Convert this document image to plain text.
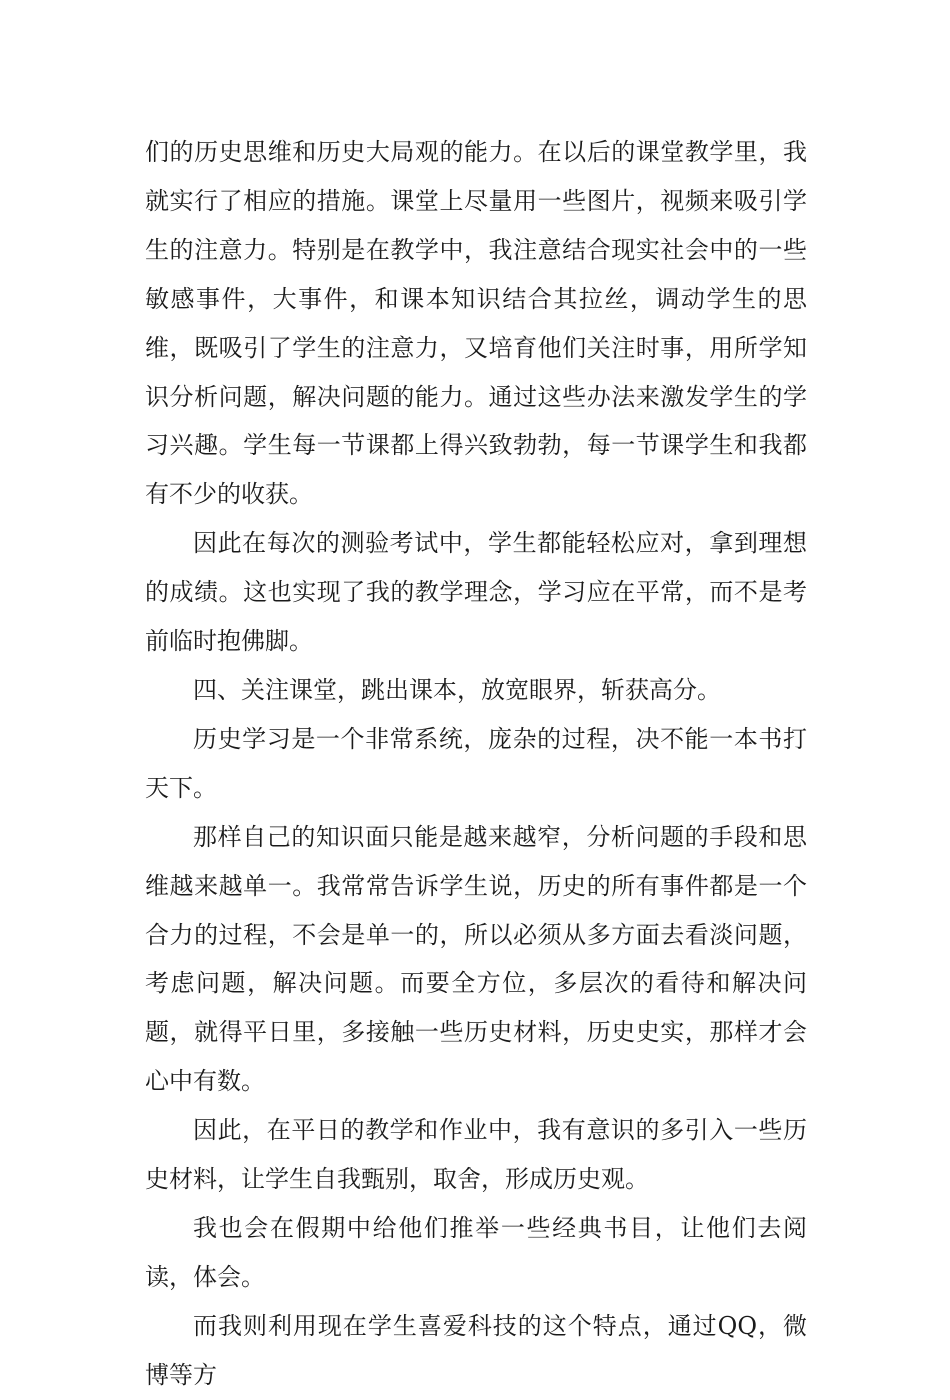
们的历史思维和历史大局观的能力。在以后的课堂教学里，我就实行了相应的措施。课堂上尽量用一些图片，视频来吸引学生的注意力。特别是在教学中，我注意结合现实社会中的一些敏感事件，大事件，和课本知识结合其拉丝，调动学生的思维，既吸引了学生的注意力，又培育他们关注时事，用所学知识分析问题，解决问题的能力。通过这些办法来激发学生的学习兴趣。学生每一节课都上得兴致勃勃，每一节课学生和我都有不少的收获。

因此在每次的测验考试中，学生都能轻松应对，拿到理想的成绩。这也实现了我的教学理念，学习应在平常，而不是考前临时抱佛脚。

四、关注课堂，跳出课本，放宽眼界，斩获高分。

历史学习是一个非常系统，庞杂的过程，决不能一本书打天下。

那样自己的知识面只能是越来越窄，分析问题的手段和思维越来越单一。我常常告诉学生说，历史的所有事件都是一个合力的过程，不会是单一的，所以必须从多方面去看淡问题，考虑问题，解决问题。而要全方位，多层次的看待和解决问题，就得平日里，多接触一些历史材料，历史史实，那样才会心中有数。

因此，在平日的教学和作业中，我有意识的多引入一些历史材料，让学生自我甄别，取舍，形成历史观。

我也会在假期中给他们推举一些经典书目，让他们去阅读，体会。

而我则利用现在学生喜爱科技的这个特点，通过QQ，微博等方
